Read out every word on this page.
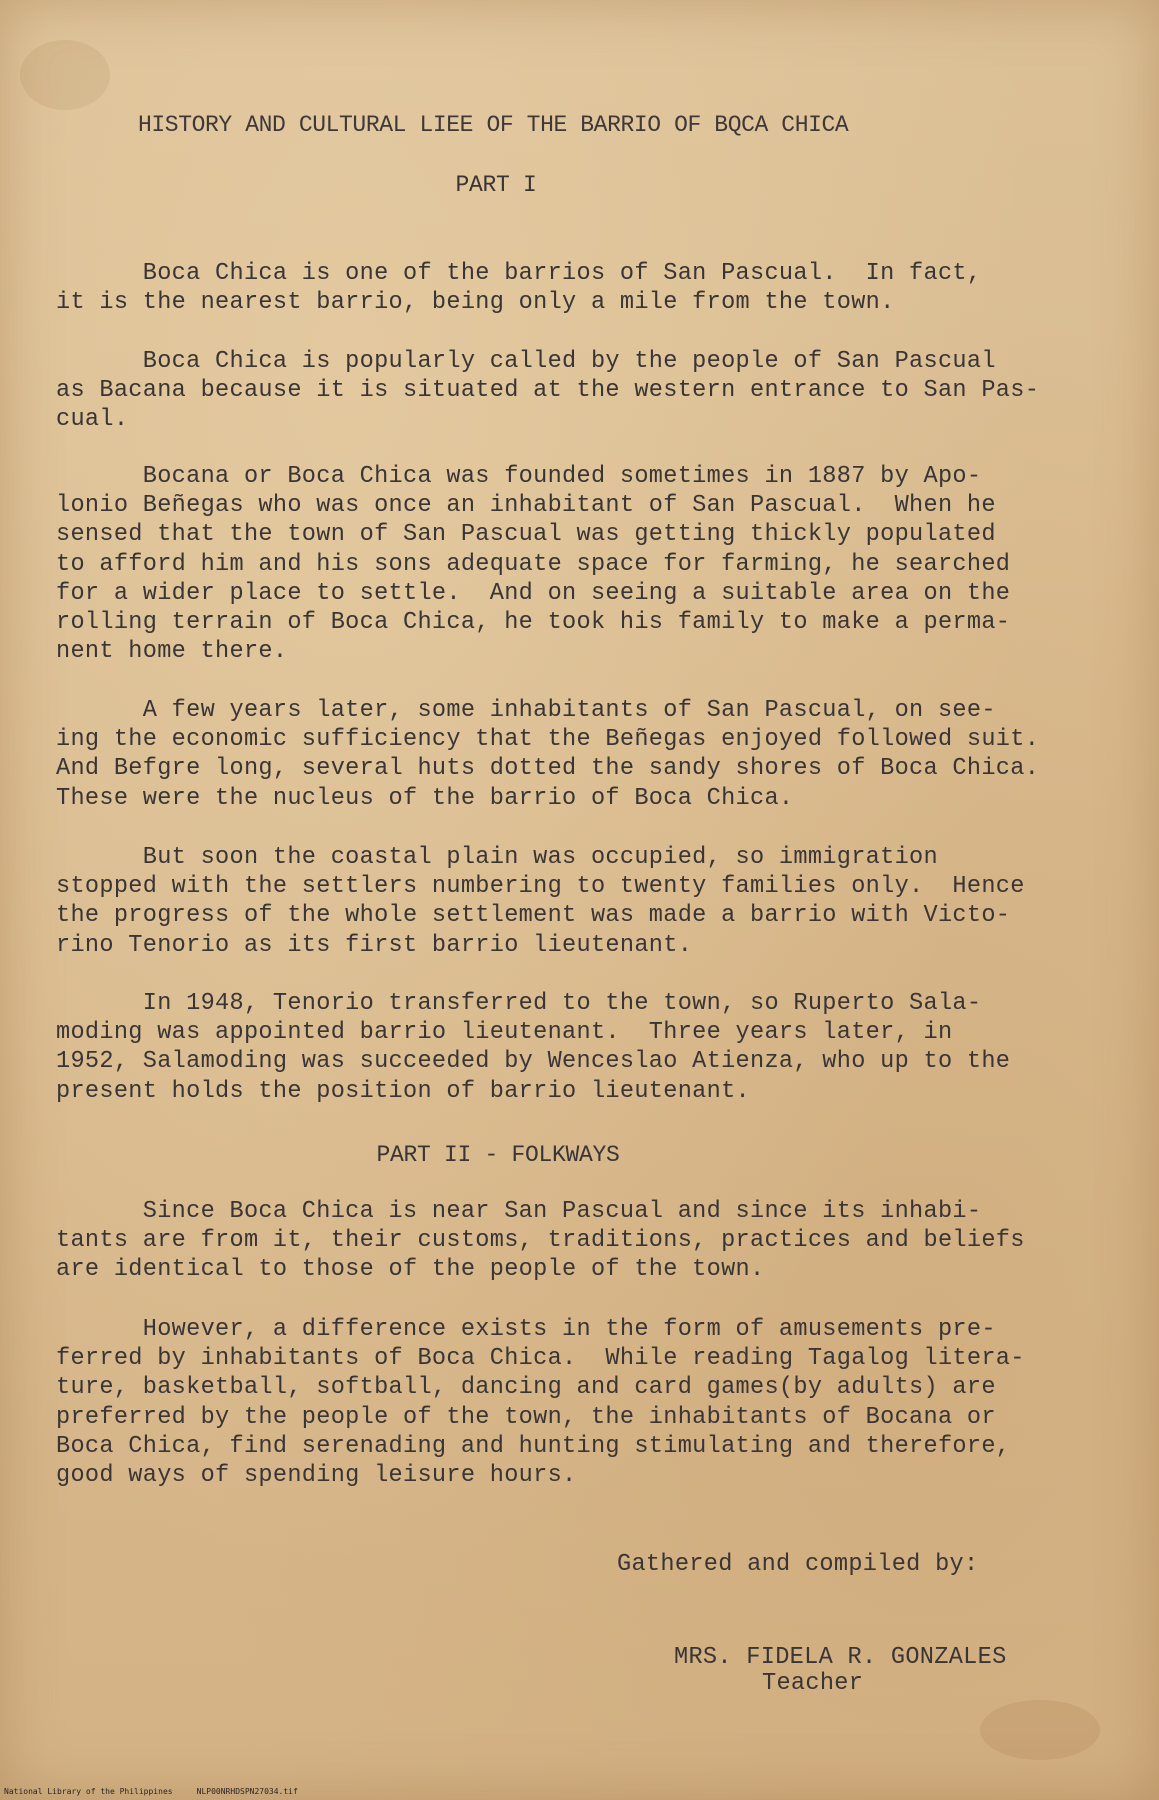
HISTORY AND CULTURAL LIEE OF THE BARRIO OF BQCA CHICA
PART I
Boca Chica is one of the barrios of San Pascual.  In fact,
it is the nearest barrio, being only a mile from the town.
Boca Chica is popularly called by the people of San Pascual
as Bacana because it is situated at the western entrance to San Pas-
cual.
Bocana or Boca Chica was founded sometimes in 1887 by Apo-
lonio Beñegas who was once an inhabitant of San Pascual.  When he
sensed that the town of San Pascual was getting thickly populated
to afford him and his sons adequate space for farming, he searched
for a wider place to settle.  And on seeing a suitable area on the
rolling terrain of Boca Chica, he took his family to make a perma-
nent home there.
A few years later, some inhabitants of San Pascual, on see-
ing the economic sufficiency that the Beñegas enjoyed followed suit.
And Befgre long, several huts dotted the sandy shores of Boca Chica.
These were the nucleus of the barrio of Boca Chica.
But soon the coastal plain was occupied, so immigration
stopped with the settlers numbering to twenty families only.  Hence
the progress of the whole settlement was made a barrio with Victo-
rino Tenorio as its first barrio lieutenant.
In 1948, Tenorio transferred to the town, so Ruperto Sala-
moding was appointed barrio lieutenant.  Three years later, in
1952, Salamoding was succeeded by Wenceslao Atienza, who up to the
present holds the position of barrio lieutenant.
PART II - FOLKWAYS
Since Boca Chica is near San Pascual and since its inhabi-
tants are from it, their customs, traditions, practices and beliefs
are identical to those of the people of the town.
However, a difference exists in the form of amusements pre-
ferred by inhabitants of Boca Chica.  While reading Tagalog litera-
ture, basketball, softball, dancing and card games(by adults) are
preferred by the people of the town, the inhabitants of Bocana or
Boca Chica, find serenading and hunting stimulating and therefore,
good ways of spending leisure hours.
Gathered and compiled by:
MRS. FIDELA R. GONZALES
Teacher
National Library of the Philippines     NLP00NRHDSPN27034.tif
